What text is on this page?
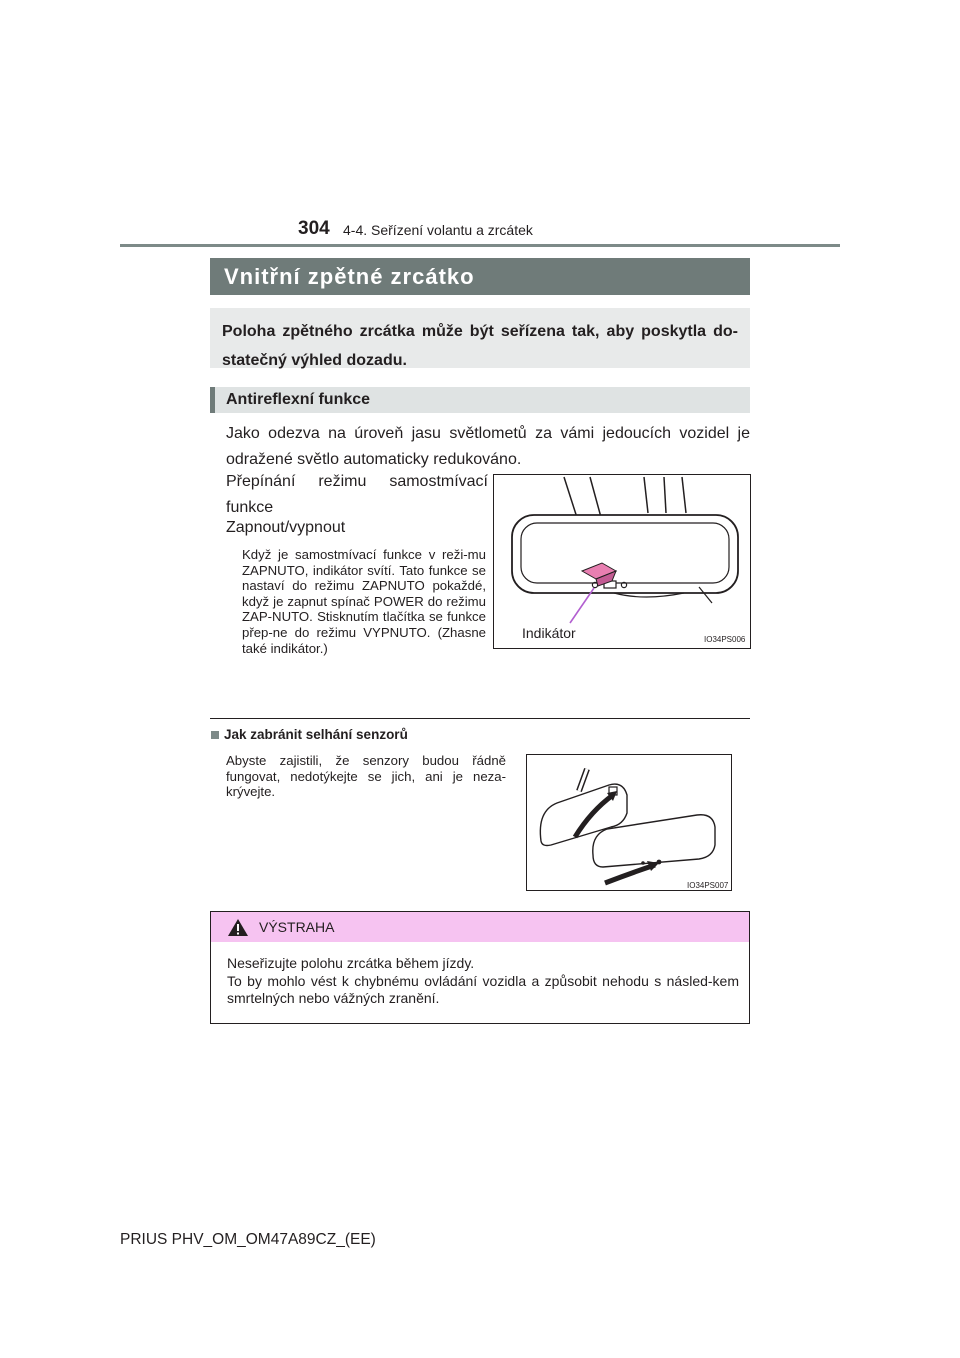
304 4-4. Seřízení volantu a zrcátek
Vnitřní zpětné zrcátko
Poloha zpětného zrcátka může být seřízena tak, aby poskytla do-statečný výhled dozadu.
Antireflexní funkce
Jako odezva na úroveň jasu světlometů za vámi jedoucích vozidel je odražené světlo automaticky redukováno.
Přepínání režimu samostmívací funkce
Zapnout/vypnout
Když je samostmívací funkce v reži-mu ZAPNUTO, indikátor svítí. Tato funkce se nastaví do režimu ZAPNUTO pokaždé, když je zapnut spínač POWER do režimu ZAP-NUTO. Stisknutím tlačítka se funkce přep-ne do režimu VYPNUTO. (Zhasne také indikátor.)
Indikátor	IO34PS006
Jak zabránit selhání senzorů
Abyste zajistili, že senzory budou řádně fungovat, nedotýkejte se jich, ani je neza-krývejte.
IO34PS007
VÝSTRAHA
Neseřizujte polohu zrcátka během jízdy.
To by mohlo vést k chybnému ovládání vozidla a způsobit nehodu s násled-kem smrtelných nebo vážných zranění.
PRIUS PHV_OM_OM47A89CZ_(EE)
